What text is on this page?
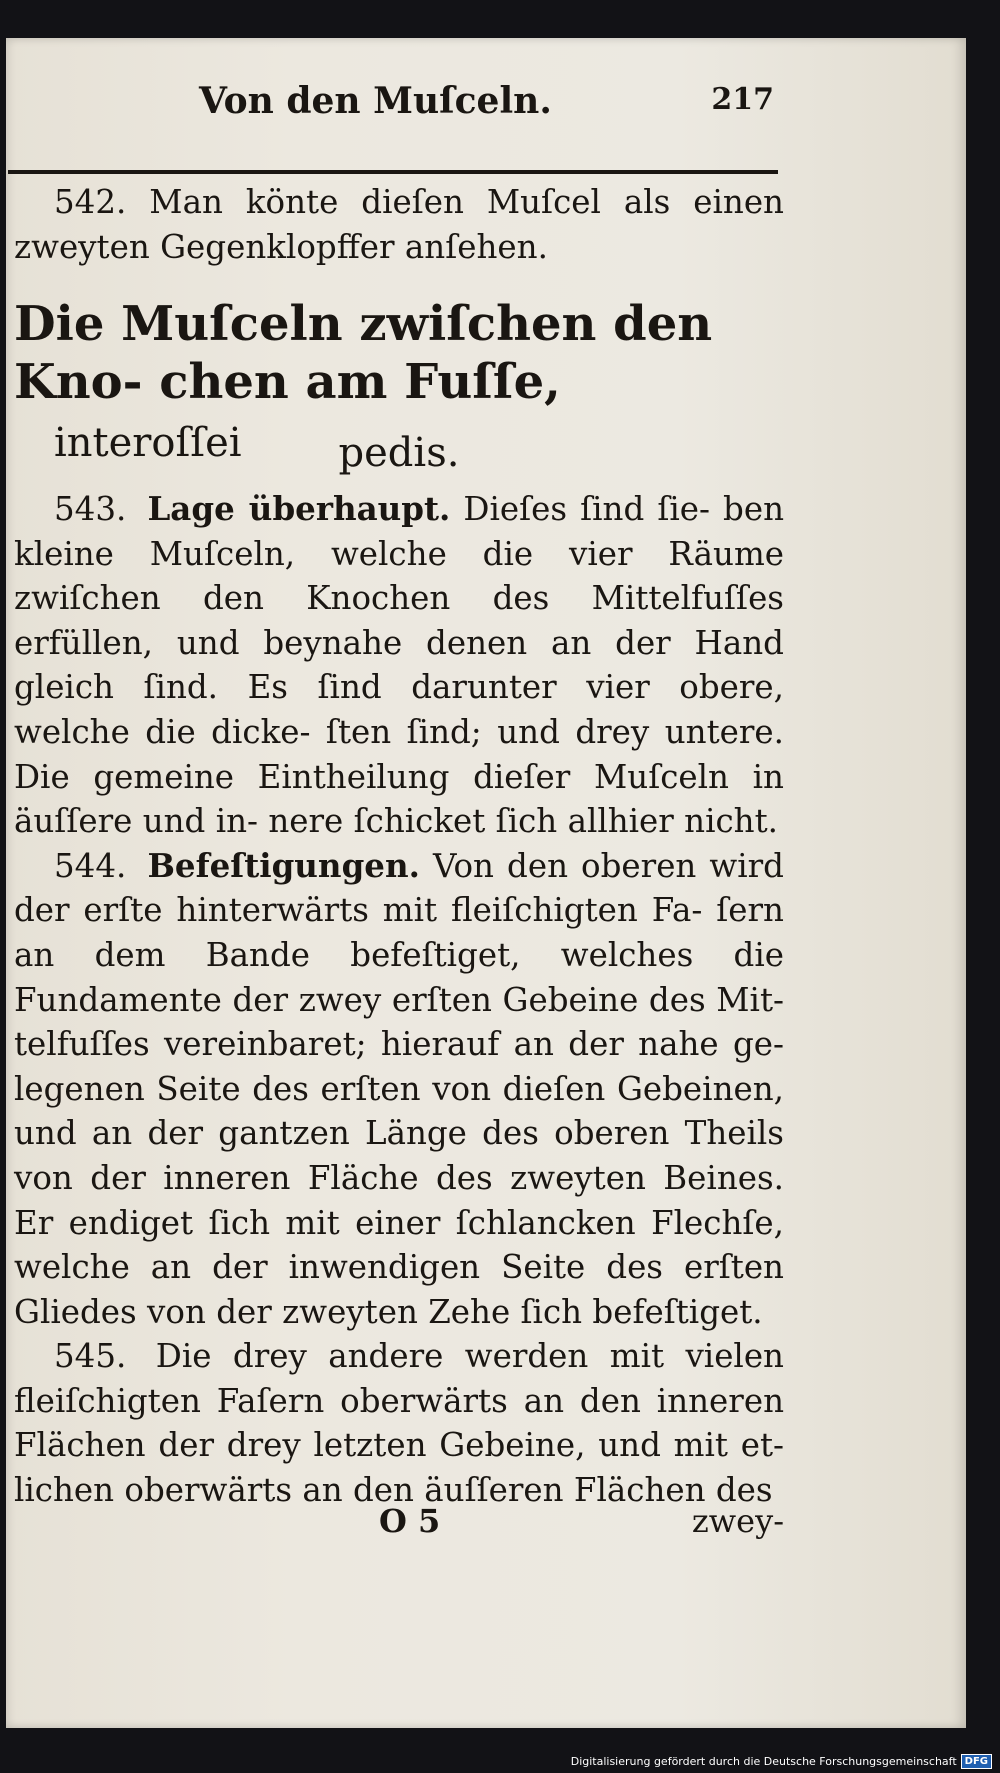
Von den Muſceln.	217

542. Man könte dieſen Muſcel als einen zweyten Gegenklopffer anſehen.

Die Muſceln zwiſchen den Kno- chen am Fuſſe, interoſſei	pedis.

543. Lage überhaupt. Dieſes ſind ſie- ben kleine Muſceln, welche die vier Räume zwiſchen den Knochen des Mittelfuſſes erfüllen, und beynahe denen an der Hand gleich ſind. Es ſind darunter vier obere, welche die dicke- ſten ſind; und drey untere. Die gemeine Eintheilung dieſer Muſceln in äuſſere und in- nere ſchicket ſich allhier nicht.

544. Befeſtigungen. Von den oberen wird der erſte hinterwärts mit fleiſchigten Fa- ſern an dem Bande befeſtiget, welches die Fundamente der zwey erſten Gebeine des Mit- telfuſſes vereinbaret; hierauf an der nahe ge- legenen Seite des erſten von dieſen Gebeinen, und an der gantzen Länge des oberen Theils von der inneren Fläche des zweyten Beines. Er endiget ſich mit einer ſchlancken Flechſe, welche an der inwendigen Seite des erſten Gliedes von der zweyten Zehe ſich befeſtiget.

545. Die drey andere werden mit vielen fleiſchigten Faſern oberwärts an den inneren Flächen der drey letzten Gebeine, und mit et- lichen oberwärts an den äuſſeren Flächen des

O 5	zwey-
Digitalisierung gefördert durch die Deutsche Forschungsgemeinschaft DFG
